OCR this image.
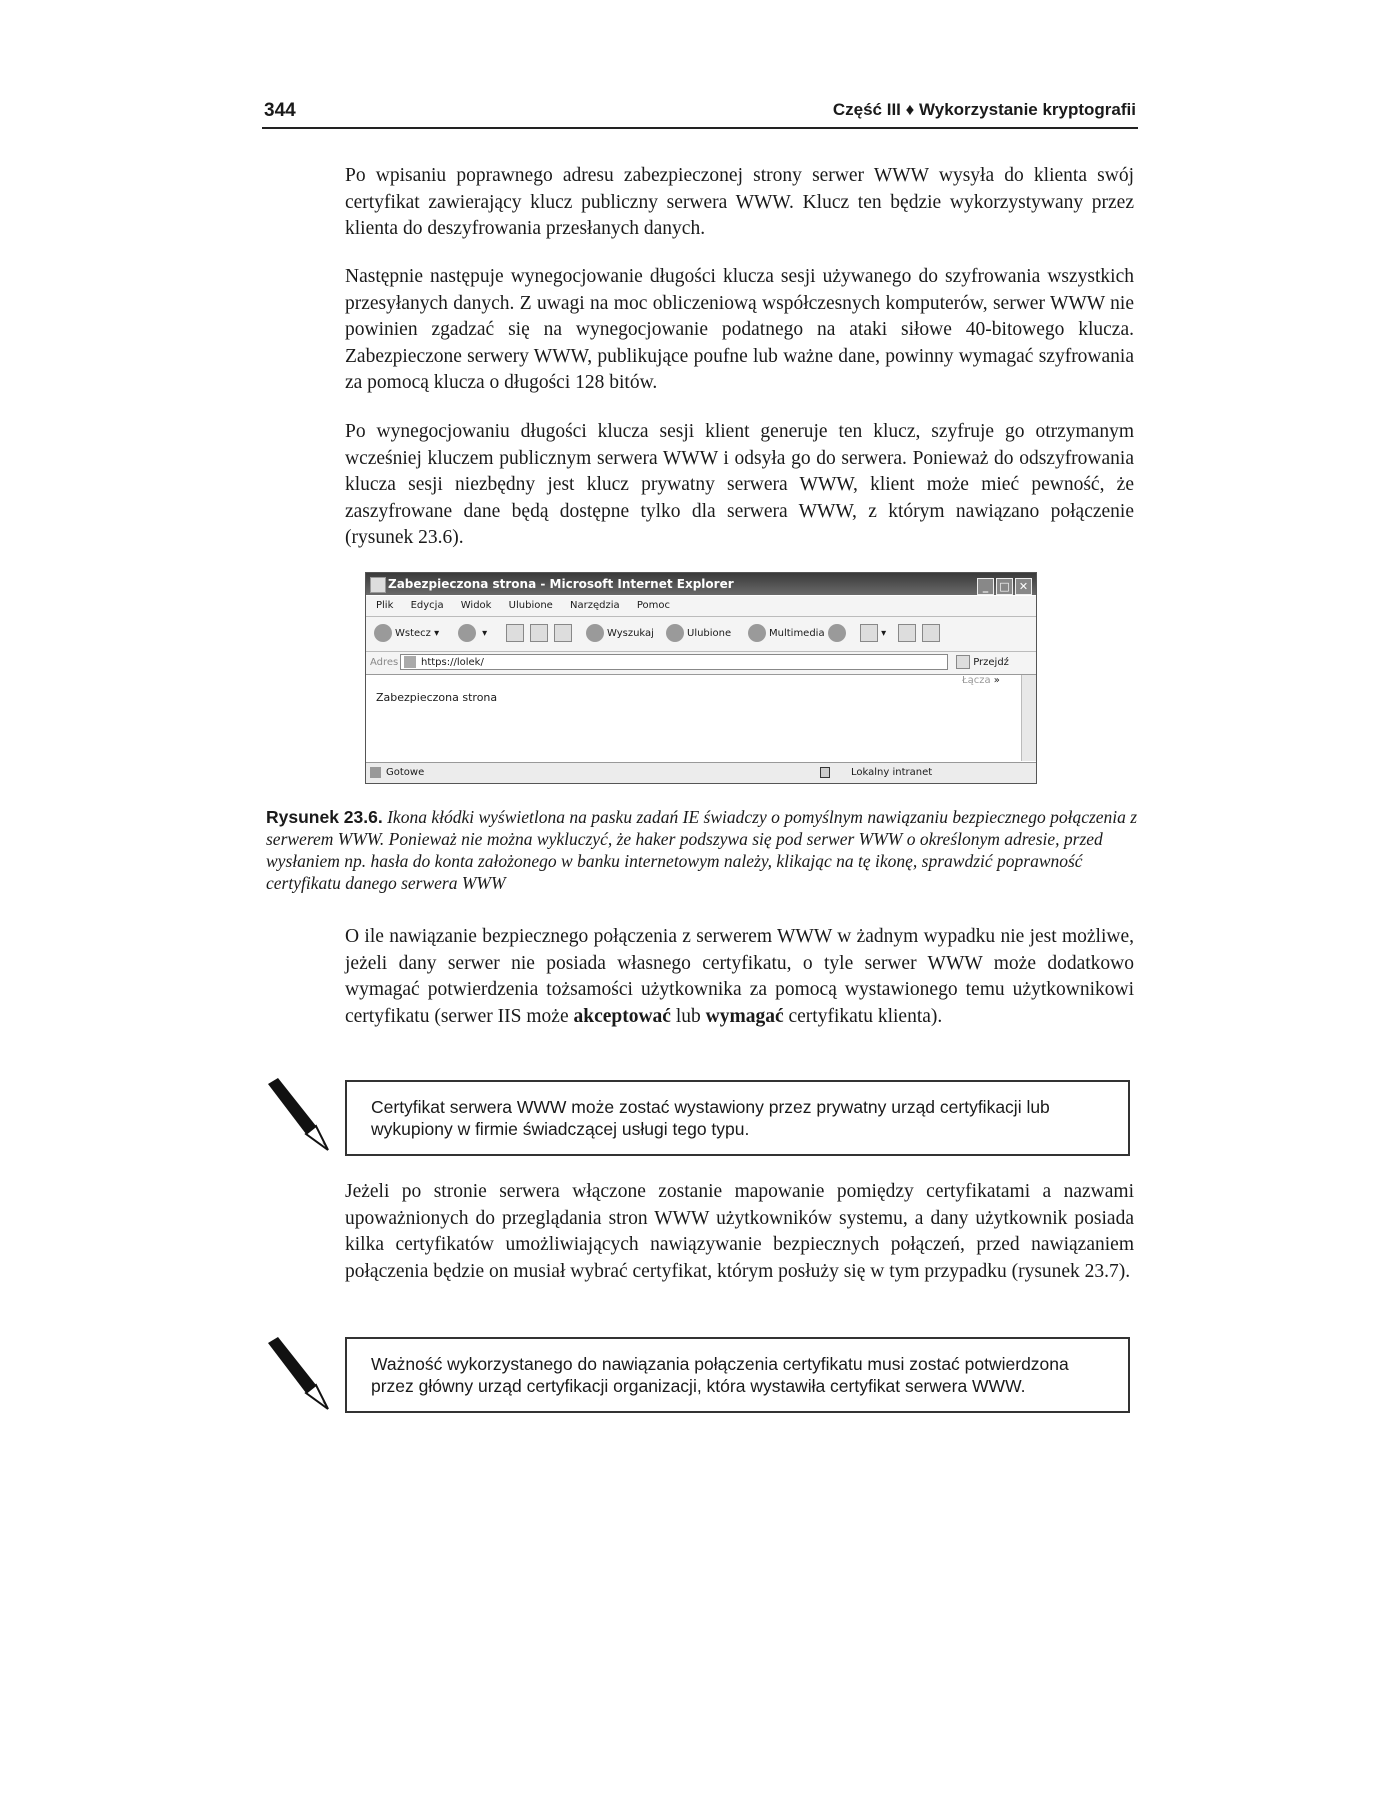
344	Część III ♦ Wykorzystanie kryptografii

Po wpisaniu poprawnego adresu zabezpieczonej strony serwer WWW wysyła do klienta swój certyfikat zawierający klucz publiczny serwera WWW. Klucz ten będzie wykorzystywany przez klienta do deszyfrowania przesłanych danych.

Następnie następuje wynegocjowanie długości klucza sesji używanego do szyfrowania wszystkich przesyłanych danych. Z uwagi na moc obliczeniową współczesnych komputerów, serwer WWW nie powinien zgadzać się na wynegocjowanie podatnego na ataki siłowe 40-bitowego klucza. Zabezpieczone serwery WWW, publikujące poufne lub ważne dane, powinny wymagać szyfrowania za pomocą klucza o długości 128 bitów.

Po wynegocjowaniu długości klucza sesji klient generuje ten klucz, szyfruje go otrzymanym wcześniej kluczem publicznym serwera WWW i odsyła go do serwera. Ponieważ do odszyfrowania klucza sesji niezbędny jest klucz prywatny serwera WWW, klient może mieć pewność, że zaszyfrowane dane będą dostępne tylko dla serwera WWW, z którym nawiązano połączenie (rysunek 23.6).

Zabezpieczona strona - Microsoft Internet Explorer	_ □ ✕
Plik Edycja Widok Ulubione Narzędzia Pomoc
Wstecz ▾	▾	Wyszukaj	Ulubione	Multimedia	▾
Adres	https://lolek/	Przejdź Łącza »
Zabezpieczona strona
Gotowe	Lokalny intranet

Rysunek 23.6. Ikona kłódki wyświetlona na pasku zadań IE świadczy o pomyślnym nawiązaniu bezpiecznego połączenia z serwerem WWW. Ponieważ nie można wykluczyć, że haker podszywa się pod serwer WWW o określonym adresie, przed wysłaniem np. hasła do konta założonego w banku internetowym należy, klikając na tę ikonę, sprawdzić poprawność certyfikatu danego serwera WWW

O ile nawiązanie bezpiecznego połączenia z serwerem WWW w żadnym wypadku nie jest możliwe, jeżeli dany serwer nie posiada własnego certyfikatu, o tyle serwer WWW może dodatkowo wymagać potwierdzenia tożsamości użytkownika za pomocą wystawionego temu użytkownikowi certyfikatu (serwer IIS może akceptować lub wymagać certyfikatu klienta).

Certyfikat serwera WWW może zostać wystawiony przez prywatny urząd certyfikacji lub wykupiony w firmie świadczącej usługi tego typu.

Jeżeli po stronie serwera włączone zostanie mapowanie pomiędzy certyfikatami a nazwami upoważnionych do przeglądania stron WWW użytkowników systemu, a dany użytkownik posiada kilka certyfikatów umożliwiających nawiązywanie bezpiecznych połączeń, przed nawiązaniem połączenia będzie on musiał wybrać certyfikat, którym posłuży się w tym przypadku (rysunek 23.7).

Ważność wykorzystanego do nawiązania połączenia certyfikatu musi zostać potwierdzona przez główny urząd certyfikacji organizacji, która wystawiła certyfikat serwera WWW.
